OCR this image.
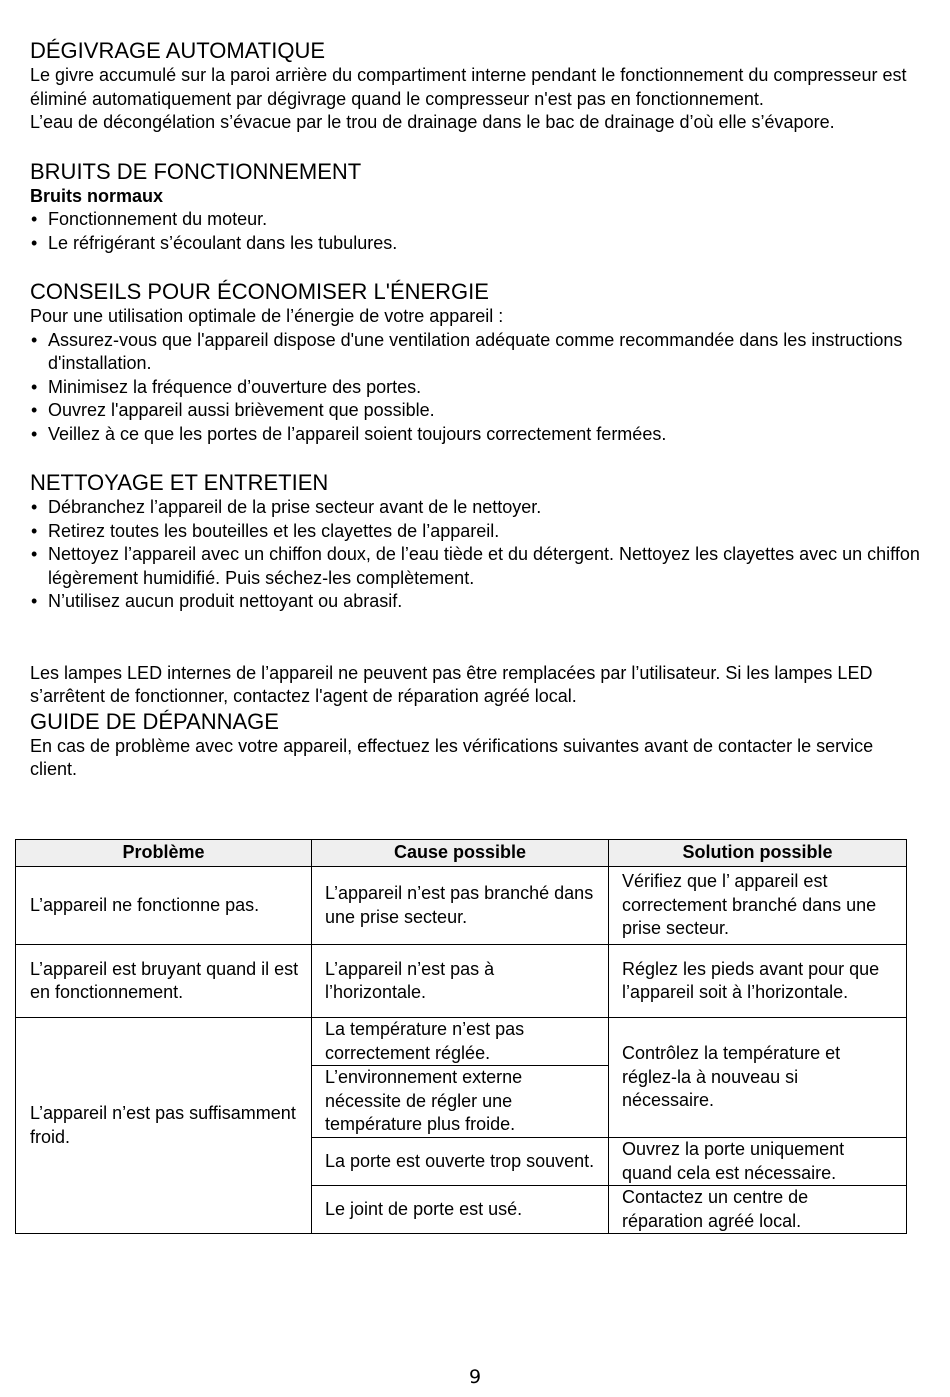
DÉGIVRAGE AUTOMATIQUE

Le givre accumulé sur la paroi arrière du compartiment interne pendant le fonctionnement du compresseur est éliminé automatiquement par dégivrage quand le compresseur n'est pas en fonctionnement.

L’eau de décongélation s’évacue par le trou de drainage dans le bac de drainage d’où elle s’évapore.

BRUITS DE FONCTIONNEMENT

Bruits normaux

• Fonctionnement du moteur.
• Le réfrigérant s’écoulant dans les tubulures.
CONSEILS POUR ÉCONOMISER L'ÉNERGIE

Pour une utilisation optimale de l’énergie de votre appareil :

• Assurez-vous que l'appareil dispose d'une ventilation adéquate comme recommandée dans les instructions d'installation.
• Minimisez la fréquence d’ouverture des portes.
• Ouvrez l'appareil aussi brièvement que possible.
• Veillez à ce que les portes de l’appareil soient toujours correctement fermées.
NETTOYAGE ET ENTRETIEN
• Débranchez l’appareil de la prise secteur avant de le nettoyer.
• Retirez toutes les bouteilles et les clayettes de l’appareil.
• Nettoyez l’appareil avec un chiffon doux, de l’eau tiède et du détergent. Nettoyez les clayettes avec un chiffon légèrement humidifié. Puis séchez-les complètement.
• N’utilisez aucun produit nettoyant ou abrasif.

Les lampes LED internes de l’appareil ne peuvent pas être remplacées par l’utilisateur. Si les lampes LED s’arrêtent de fonctionner, contactez l'agent de réparation agréé local.

GUIDE DE DÉPANNAGE

En cas de problème avec votre appareil, effectuez les vérifications suivantes avant de contacter le service client.

Problème	Cause possible	Solution possible
L’appareil ne fonctionne pas.	L’appareil n’est pas branché dans une prise secteur.	Vérifiez que l’ appareil est correctement branché dans une prise secteur.
L’appareil est bruyant quand il est en fonctionnement.	L’appareil n’est pas à l’horizontale.	Réglez les pieds avant pour que l’appareil soit à l’horizontale.
L’appareil n’est pas suffisamment froid.	La température n’est pas correctement réglée.	Contrôlez la température et réglez-la à nouveau si nécessaire.
	L’environnement externe nécessite de régler une température plus froide.	
	La porte est ouverte trop souvent.	Ouvrez la porte uniquement quand cela est nécessaire.
	Le joint de porte est usé.	Contactez un centre de réparation agréé local.
9
